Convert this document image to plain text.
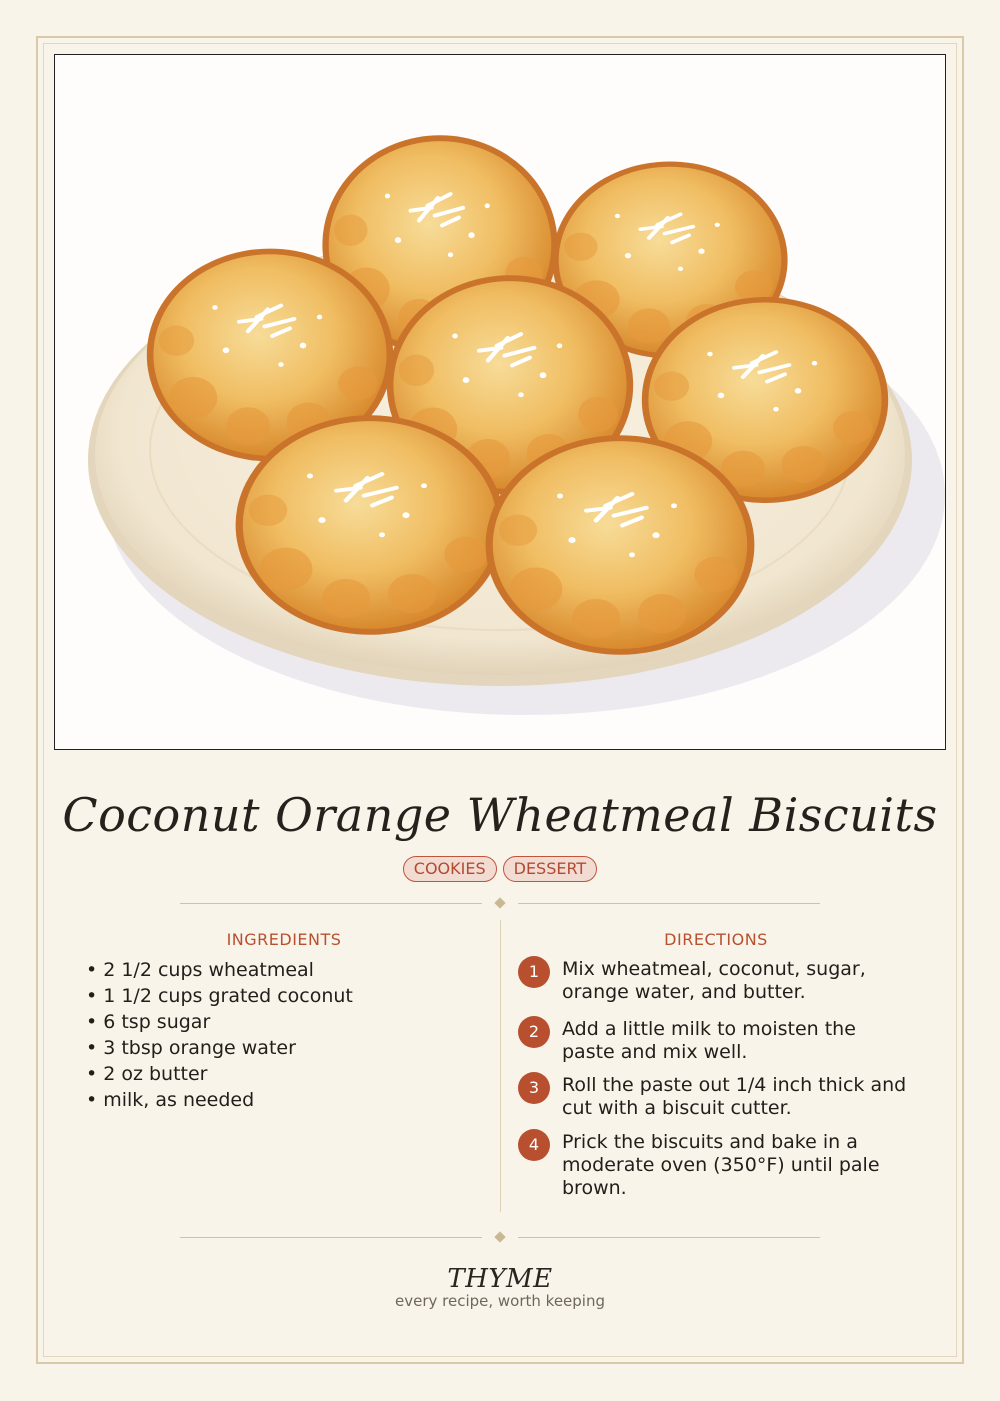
Coconut Orange Wheatmeal Biscuits
COOKIES DESSERT
INGREDIENTS
• 2 1/2 cups wheatmeal
• 1 1/2 cups grated coconut
• 6 tsp sugar
• 3 tbsp orange water
• 2 oz butter
• milk, as needed
DIRECTIONS
1	Mix wheatmeal, coconut, sugar, orange water, and butter.
2	Add a little milk to moisten the paste and mix well.
3	Roll the paste out 1/4 inch thick and cut with a biscuit cutter.
4	Prick the biscuits and bake in a moderate oven (350°F) until pale brown.
THYME
every recipe, worth keeping
